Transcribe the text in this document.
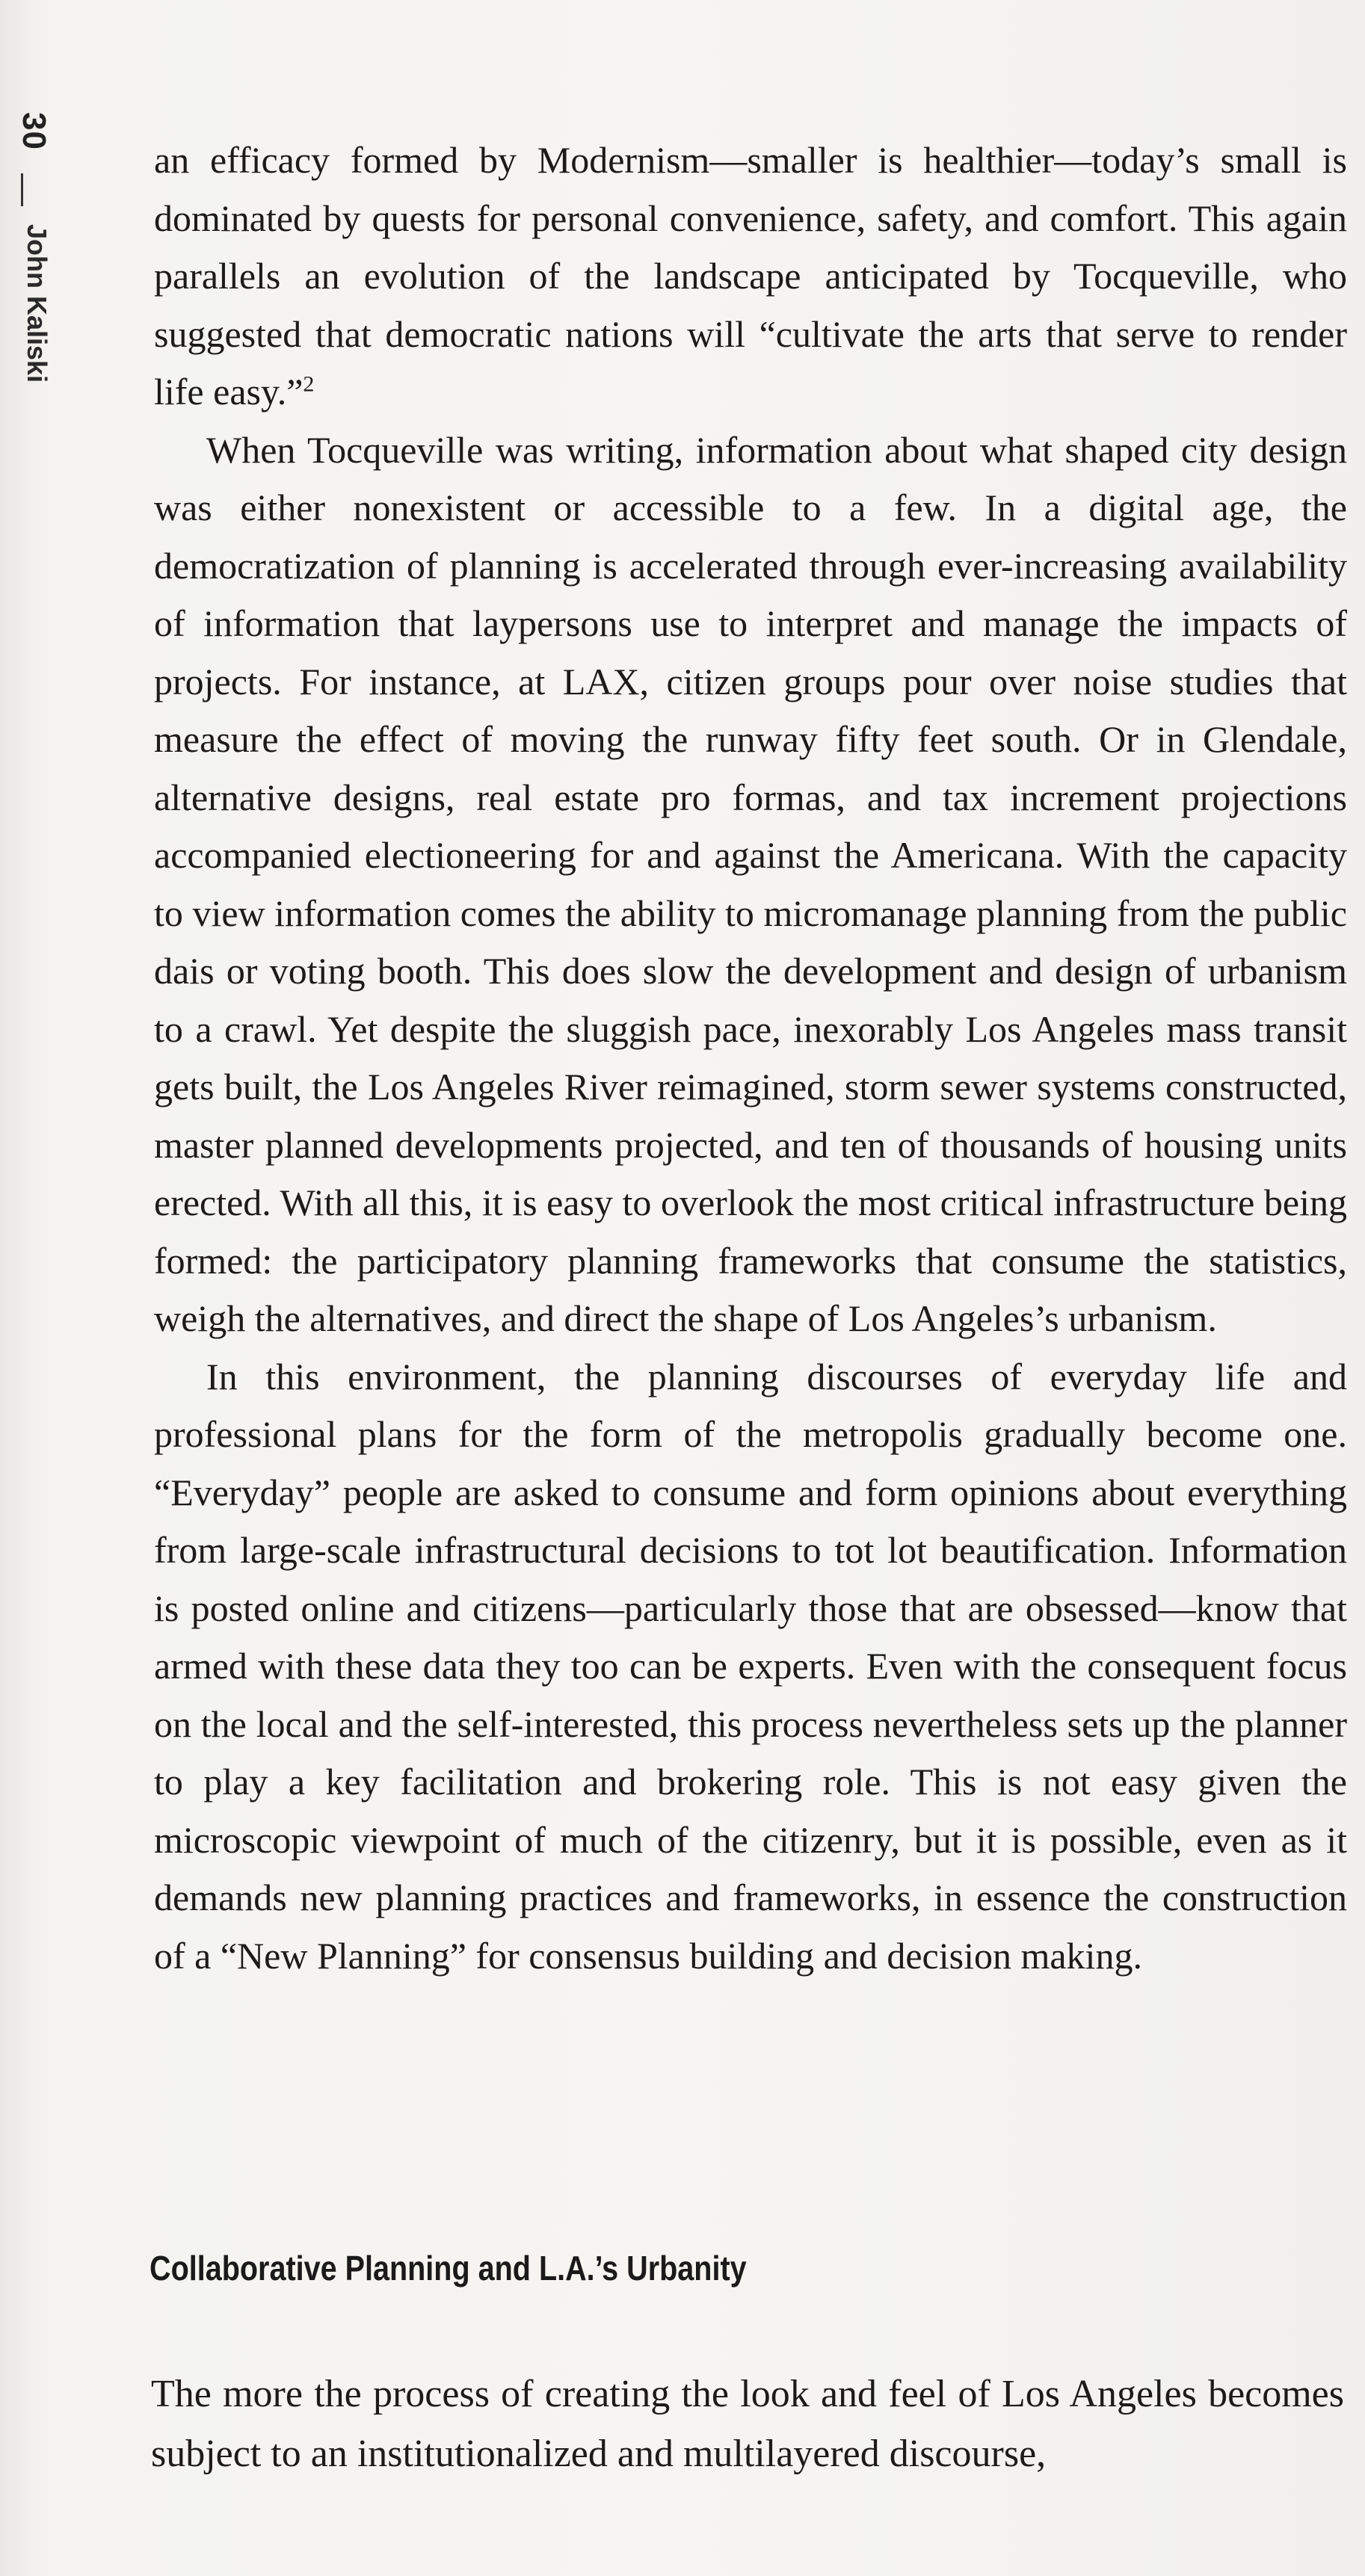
30
John Kaliski

an efficacy formed by Modernism—smaller is healthier—today’s small is dominated by quests for personal convenience, safety, and comfort. This again parallels an evolution of the landscape anticipated by Tocqueville, who suggested that democratic nations will “cultivate the arts that serve to render life easy.”$^2$

When Tocqueville was writing, information about what shaped city design was either nonexistent or accessible to a few. In a digital age, the democratization of planning is accelerated through ever-increasing availability of information that laypersons use to interpret and manage the impacts of projects. For instance, at LAX, citizen groups pour over noise studies that measure the effect of moving the runway fifty feet south. Or in Glendale, alternative designs, real estate pro formas, and tax increment projections accompanied electioneering for and against the Americana. With the capacity to view information comes the ability to micromanage planning from the public dais or voting booth. This does slow the development and design of urbanism to a crawl. Yet despite the sluggish pace, inexorably Los Angeles mass transit gets built, the Los Angeles River reimagined, storm sewer systems constructed, master planned developments projected, and ten of thousands of housing units erected. With all this, it is easy to overlook the most critical infrastructure being formed: the participatory planning frameworks that consume the statistics, weigh the alternatives, and direct the shape of Los Angeles’s urbanism.

In this environment, the planning discourses of everyday life and professional plans for the form of the metropolis gradually become one. “Everyday” people are asked to consume and form opinions about everything from large-scale infrastructural decisions to tot lot beautification. Information is posted online and citizens—particularly those that are obsessed—know that armed with these data they too can be experts. Even with the consequent focus on the local and the self-interested, this process nevertheless sets up the planner to play a key facilitation and brokering role. This is not easy given the microscopic viewpoint of much of the citizenry, but it is possible, even as it demands new planning practices and frameworks, in essence the construction of a “New Planning” for consensus building and decision making.

Collaborative Planning and L.A.’s Urbanity

The more the process of creating the look and feel of Los Angeles becomes subject to an institutionalized and multilayered discourse,
